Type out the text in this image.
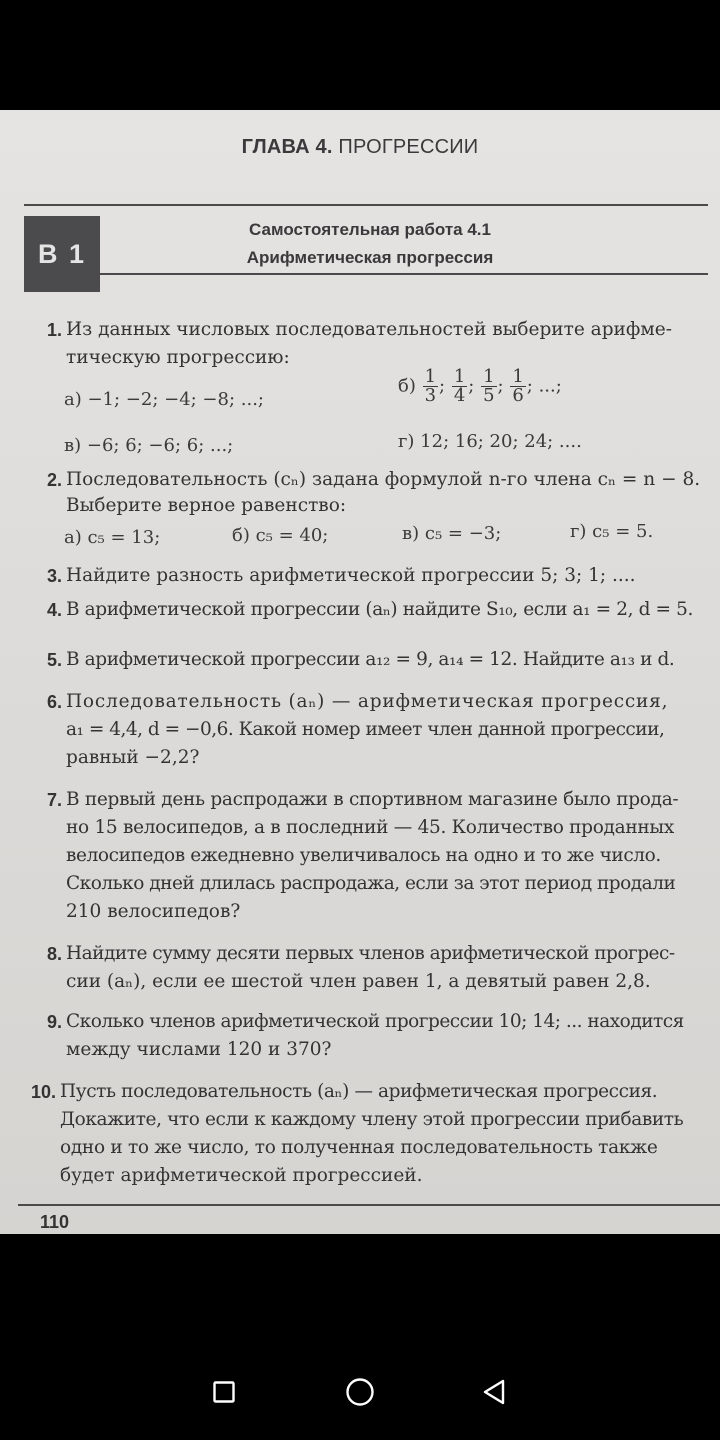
ГЛАВА 4. ПРОГРЕССИИ
В 1
Самостоятельная работа 4.1
Арифметическая прогрессия
1. Из данных числовых последовательностей выберите арифме-
тическую прогрессию:
а) −1; −2; −4; −8; ...;
$б) \frac{1}{3}$ ; $\frac{1}{4}$ ; $\frac{1}{5}$ ; $\frac{1}{6}$ ; ...;
в) −6; 6; −6; 6; ...;	г) 12; 16; 20; 24; ....
2. Последовательность (cₙ) задана формулой n-го члена cₙ = n − 8.
Выберите верное равенство:
а) c₅ = 13;	б) c₅ = 40;	в) c₅ = −3;	г) c₅ = 5.
3. Найдите разность арифметической прогрессии 5; 3; 1; ....
4. В арифметической прогрессии (aₙ) найдите S₁₀, если a₁ = 2, d = 5.
5. В арифметической прогрессии a₁₂ = 9, a₁₄ = 12. Найдите a₁₃ и d.
6. Последовательность (aₙ) — арифметическая прогрессия,
a₁ = 4,4, d = −0,6. Какой номер имеет член данной прогрессии,
равный −2,2?
7. В первый день распродажи в спортивном магазине было прода-
но 15 велосипедов, а в последний — 45. Количество проданных
велосипедов ежедневно увеличивалось на одно и то же число.
Сколько дней длилась распродажа, если за этот период продали
210 велосипедов?
8. Найдите сумму десяти первых членов арифметической прогрес-
сии (aₙ), если ее шестой член равен 1, а девятый равен 2,8.
9. Сколько членов арифметической прогрессии 10; 14; ... находится
между числами 120 и 370?
10. Пусть последовательность (aₙ) — арифметическая прогрессия.
Докажите, что если к каждому члену этой прогрессии прибавить
одно и то же число, то полученная последовательность также
будет арифметической прогрессией.
110
